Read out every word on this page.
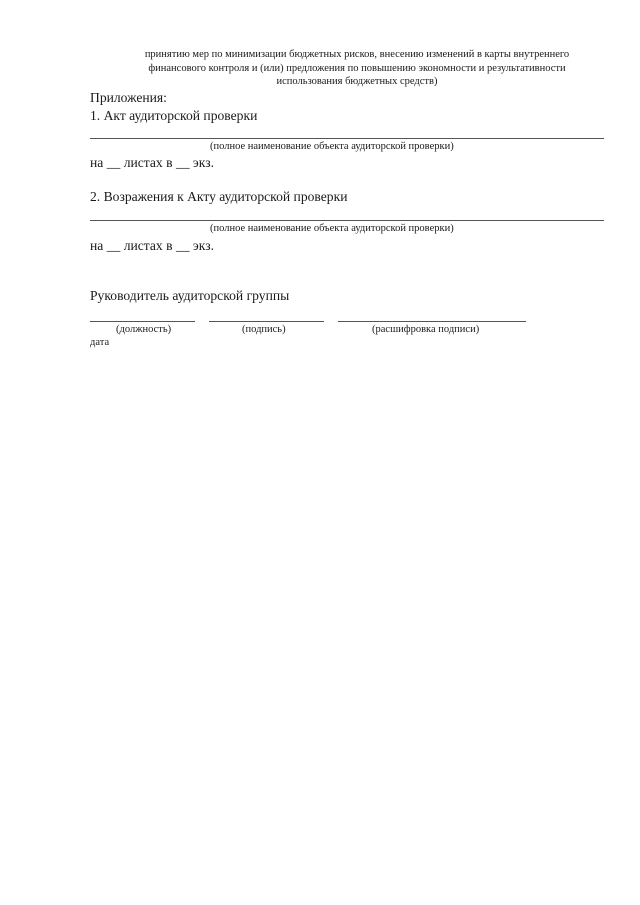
принятию мер по минимизации бюджетных рисков, внесению изменений в карты внутреннего
финансового контроля и (или) предложения по повышению экономности и результативности
использования бюджетных средств)
Приложения:
1. Акт аудиторской проверки
(полное наименование объекта аудиторской проверки)
на __ листах в __ экз.
2. Возражения к Акту аудиторской проверки
(полное наименование объекта аудиторской проверки)
на __ листах в __ экз.
Руководитель аудиторской группы
(должность)	(подпись)	(расшифровка подписи)
дата
